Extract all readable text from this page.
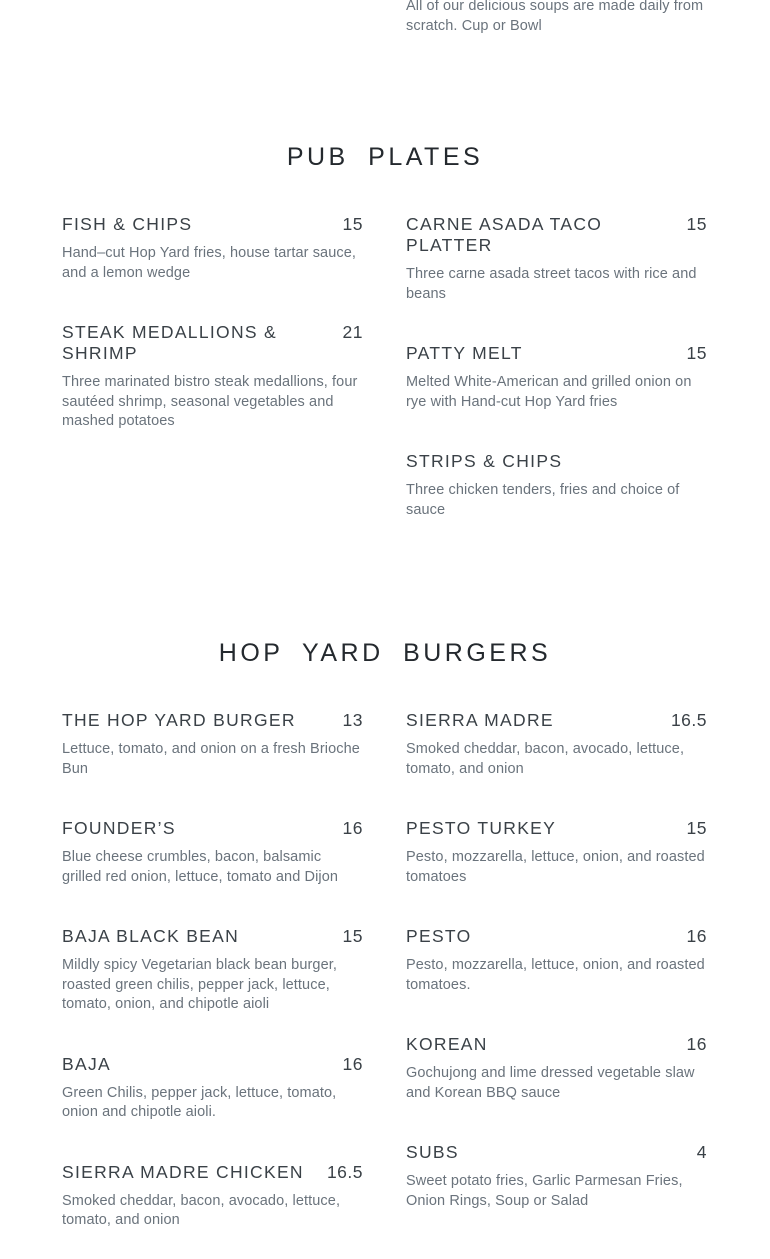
All of our delicious soups are made daily from scratch. Cup or Bowl
PUB PLATES
FISH & CHIPS	15
Hand–cut Hop Yard fries, house tartar sauce, and a lemon wedge
STEAK MEDALLIONS & SHRIMP
21
Three marinated bistro steak medallions, four sautéed shrimp, seasonal vegetables and mashed potatoes
CARNE ASADA TACO PLATTER
15
Three carne asada street tacos with rice and beans
PATTY MELT	15
Melted White-American and grilled onion on rye with Hand-cut Hop Yard fries
STRIPS & CHIPS
Three chicken tenders, fries and choice of sauce
HOP YARD BURGERS
THE HOP YARD BURGER	13
Lettuce, tomato, and onion on a fresh Brioche Bun
FOUNDER’S	16
Blue cheese crumbles, bacon, balsamic grilled red onion, lettuce, tomato and Dijon
BAJA BLACK BEAN	15
Mildly spicy Vegetarian black bean burger, roasted green chilis, pepper jack, lettuce, tomato, onion, and chipotle aioli
BAJA	16
Green Chilis, pepper jack, lettuce, tomato, onion and chipotle aioli.
SIERRA MADRE CHICKEN 16.5
Smoked cheddar, bacon, avocado, lettuce, tomato, and onion
SIERRA MADRE	16.5
Smoked cheddar, bacon, avocado, lettuce, tomato, and onion
PESTO TURKEY	15
Pesto, mozzarella, lettuce, onion, and roasted tomatoes
PESTO	16
Pesto, mozzarella, lettuce, onion, and roasted tomatoes.
KOREAN	16
Gochujong and lime dressed vegetable slaw and Korean BBQ sauce
SUBS	4
Sweet potato fries, Garlic Parmesan Fries, Onion Rings, Soup or Salad
